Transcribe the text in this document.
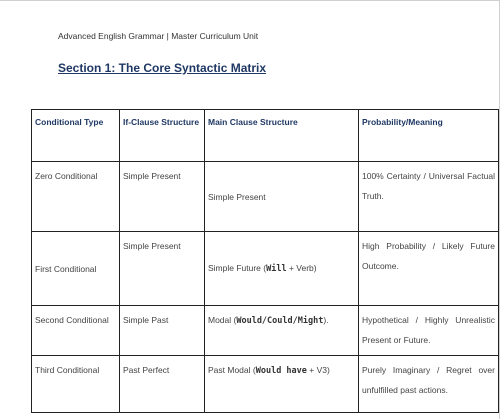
Advanced English Grammar | Master Curriculum Unit
Section 1: The Core Syntactic Matrix
Conditional Type	If-Clause Structure	Main Clause Structure	Probability/Meaning
Zero Conditional	Simple Present	Simple Present	100% Certainty / Universal Factual Truth.
First Conditional	Simple Present	Simple Future (Will + Verb)	High Probability / Likely Future Outcome.
Second Conditional	Simple Past	Modal (Would/Could/Might).	Hypothetical / Highly Unrealistic Present or Future.
Third Conditional	Past Perfect	Past Modal (Would have + V3)	Purely Imaginary / Regret over unfulfilled past actions.
